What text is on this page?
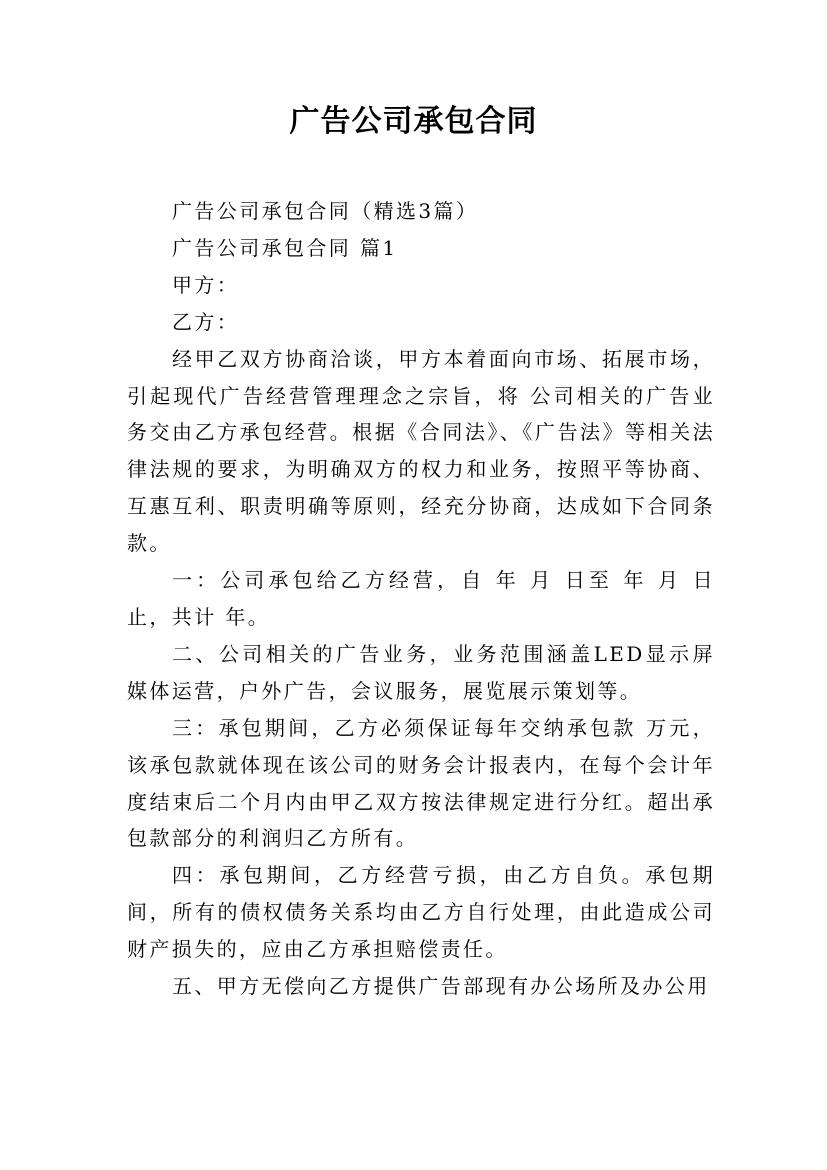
广告公司承包合同

广告公司承包合同（精选3篇）

广告公司承包合同 篇1

甲方：

乙方：

经甲乙双方协商洽谈，甲方本着面向市场、拓展市场，引起现代广告经营管理理念之宗旨，将 公司相关的广告业务交由乙方承包经营。根据《合同法》、《广告法》等相关法律法规的要求，为明确双方的权力和业务，按照平等协商、互惠互利、职责明确等原则，经充分协商，达成如下合同条款。

一：公司承包给乙方经营，自 年 月 日至 年 月 日止，共计 年。

二、公司相关的广告业务，业务范围涵盖LED显示屏媒体运营，户外广告，会议服务，展览展示策划等。

三：承包期间，乙方必须保证每年交纳承包款 万元，该承包款就体现在该公司的财务会计报表内，在每个会计年度结束后二个月内由甲乙双方按法律规定进行分红。超出承包款部分的利润归乙方所有。

四：承包期间，乙方经营亏损，由乙方自负。承包期间，所有的债权债务关系均由乙方自行处理，由此造成公司财产损失的，应由乙方承担赔偿责任。

五、甲方无偿向乙方提供广告部现有办公场所及办公用
